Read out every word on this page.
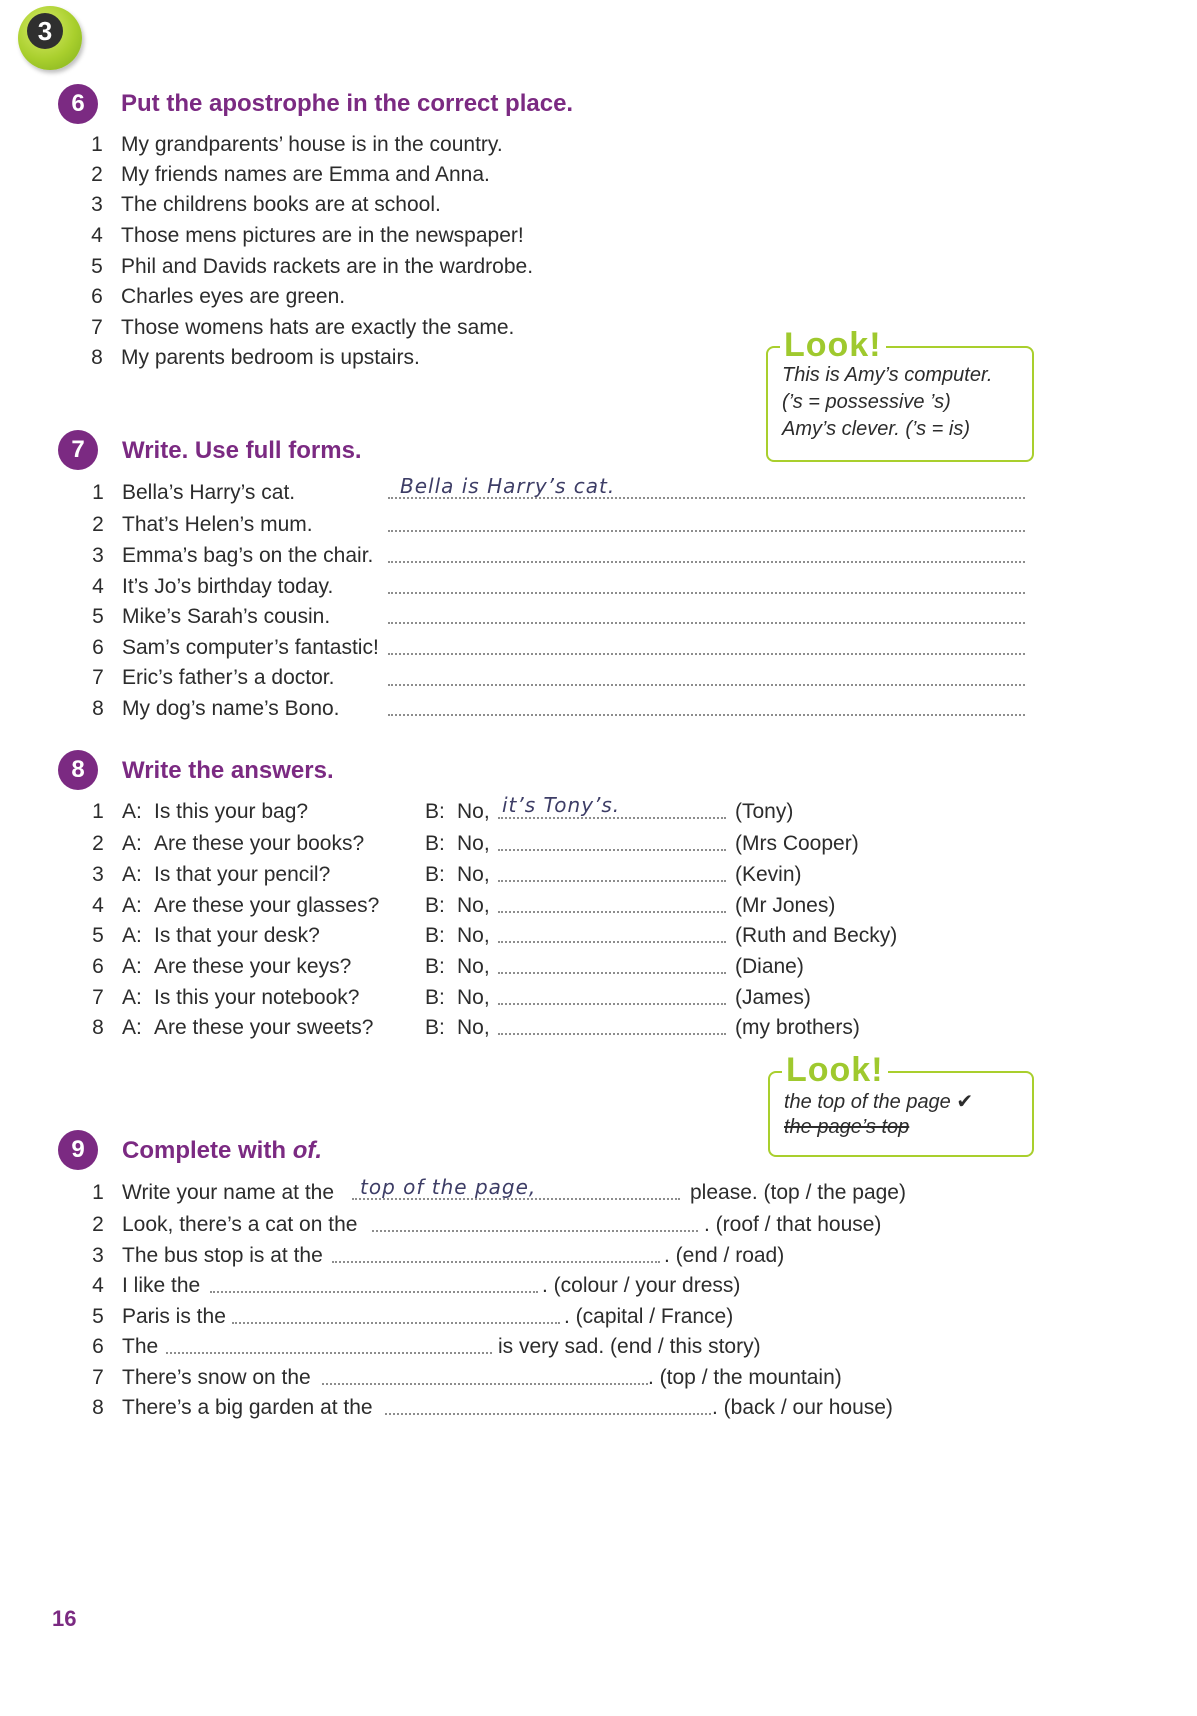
3
6	Put the apostrophe in the correct place.
1 My grandparents’ house is in the country.
2 My friends names are Emma and Anna.
3 The childrens books are at school.
4 Those mens pictures are in the newspaper!
5 Phil and Davids rackets are in the wardrobe.
6 Charles eyes are green.
7 Those womens hats are exactly the same.
8 My parents bedroom is upstairs.	Look!
This is Amy’s computer.
(’s = possessive ’s)
Amy’s clever. (’s = is)
7	Write. Use full forms.
1 Bella’s Harry’s cat.	Bella is Harry’s cat.
2 That’s Helen’s mum.
3 Emma’s bag’s on the chair.
4 It’s Jo’s birthday today.
5 Mike’s Sarah’s cousin.
6 Sam’s computer’s fantastic!
7 Eric’s father’s a doctor.
8 My dog’s name’s Bono.
8	Write the answers.
1 A: Is this your bag?	B: No, it’s Tony’s.	(Tony)
2 A: Are these your books?	B: No,	(Mrs Cooper)
3 A: Is that your pencil?	B: No,	(Kevin)
4 A: Are these your glasses? B: No,	(Mr Jones)
5 A: Is that your desk?	B: No,	(Ruth and Becky)
6 A: Are these your keys?	B: No,	(Diane)
7 A: Is this your notebook?	B: No,	(James)
8 A: Are these your sweets? B: No,	(my brothers)
Look!
the top of the page ✔
the page’s top
9	Complete with of.
1 Write your name at the top of the page,	please. (top / the page)
2 Look, there’s a cat on the	. (roof / that house)
3 The bus stop is at the	. (end / road)
4 I like the	. (colour / your dress)
5 Paris is the	. (capital / France)
6 The	is very sad. (end / this story)
7 There’s snow on the	. (top / the mountain)
8 There’s a big garden at the	. (back / our house)
16
